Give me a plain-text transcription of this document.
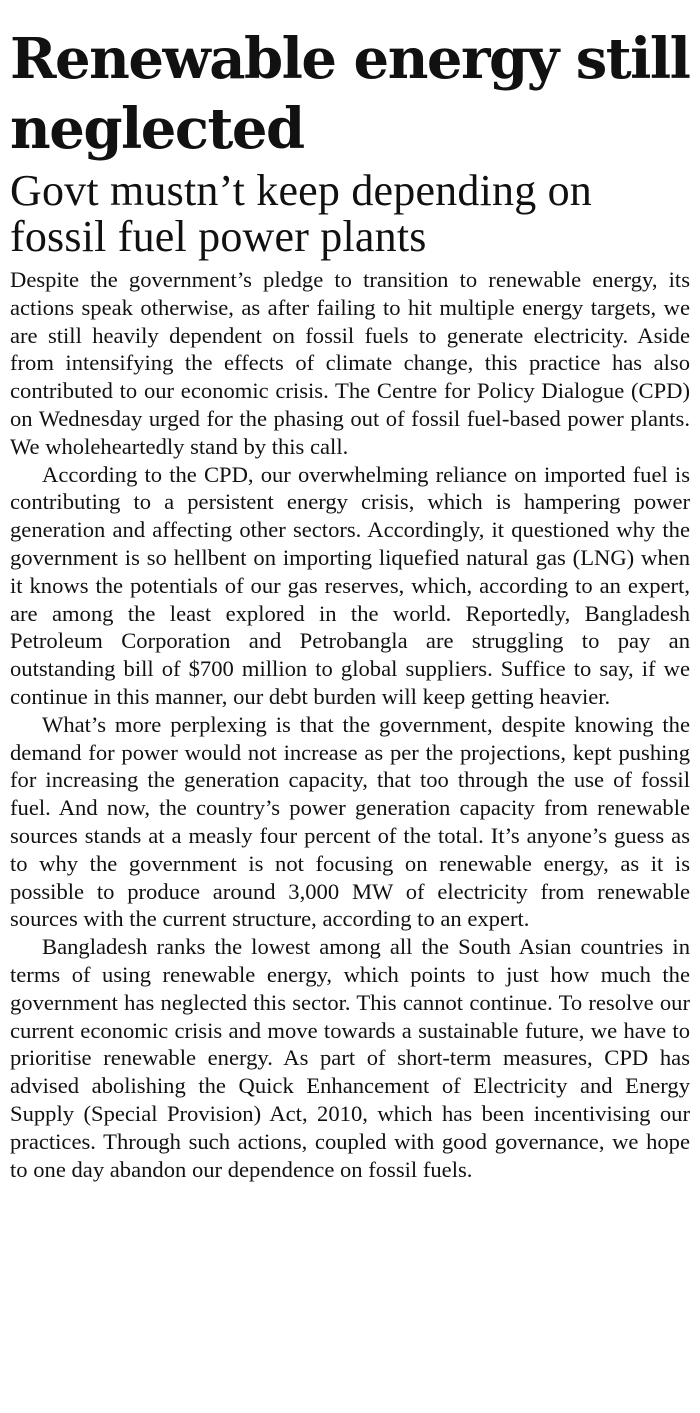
Renewable energy still neglected
Govt mustn’t keep depending on fossil fuel power plants

Despite the government’s pledge to transition to renewable energy, its actions speak otherwise, as after failing to hit multiple energy targets, we are still heavily dependent on fossil fuels to generate electricity. Aside from intensifying the effects of climate change, this practice has also contributed to our economic crisis. The Centre for Policy Dialogue (CPD) on Wednesday urged for the phasing out of fossil fuel-based power plants. We wholeheartedly stand by this call.

According to the CPD, our overwhelming reliance on imported fuel is contributing to a persistent energy crisis, which is hampering power generation and affecting other sectors. Accordingly, it questioned why the government is so hellbent on importing liquefied natural gas (LNG) when it knows the potentials of our gas reserves, which, according to an expert, are among the least explored in the world. Reportedly, Bangladesh Petroleum Corporation and Petrobangla are struggling to pay an outstanding bill of $700 million to global suppliers. Suffice to say, if we continue in this manner, our debt burden will keep getting heavier.

What’s more perplexing is that the government, despite knowing the demand for power would not increase as per the projections, kept pushing for increasing the generation capacity, that too through the use of fossil fuel. And now, the country’s power generation capacity from renewable sources stands at a measly four percent of the total. It’s anyone’s guess as to why the government is not focusing on renewable energy, as it is possible to produce around 3,000 MW of electricity from renewable sources with the current structure, according to an expert.

Bangladesh ranks the lowest among all the South Asian countries in terms of using renewable energy, which points to just how much the government has neglected this sector. This cannot continue. To resolve our current economic crisis and move towards a sustainable future, we have to prioritise renewable energy. As part of short-term measures, CPD has advised abolishing the Quick Enhancement of Electricity and Energy Supply (Special Provision) Act, 2010, which has been incentivising our practices. Through such actions, coupled with good governance, we hope to one day abandon our dependence on fossil fuels.
